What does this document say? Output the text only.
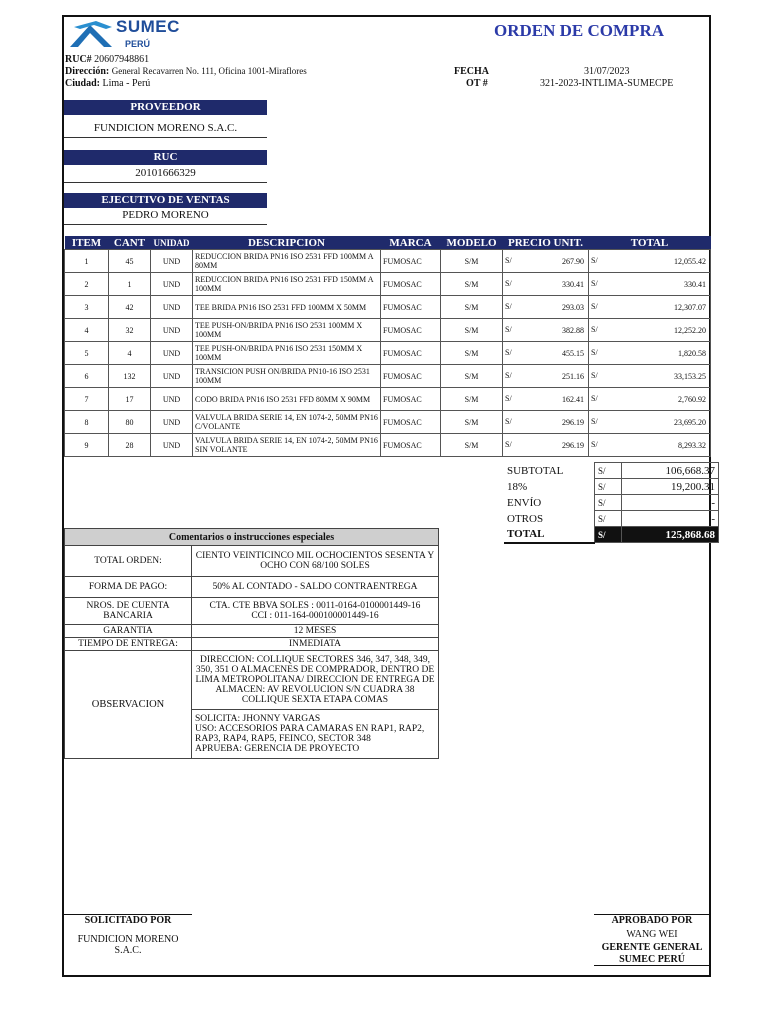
SUMEC
PERÚ
ORDEN DE COMPRA
RUC# 20607948861
Dirección: General Recavarren No. 111, Oficina 1001-Miraflores
Ciudad: Lima - Perú
FECHA
OT #
31/07/2023
321-2023-INTLIMA-SUMECPE
PROVEEDOR
FUNDICION MORENO S.A.C.
RUC
20101666329
EJECUTIVO DE VENTAS
PEDRO MORENO
ITEM	CANT	UNIDAD	DESCRIPCION	MARCA	MODELO	PRECIO UNIT.	TOTAL
1	45	UND	REDUCCION BRIDA PN16 ISO 2531 FFD 100MM A 80MM	FUMOSAC	S/M	S/ 267.90	S/ 12,055.42

2	1	UND	REDUCCION BRIDA PN16 ISO 2531 FFD 150MM A 100MM	FUMOSAC	S/M	S/ 330.41	S/ 330.41

3	42	UND	TEE BRIDA PN16 ISO 2531 FFD 100MM X 50MM	FUMOSAC	S/M	S/ 293.03	S/ 12,307.07

4	32	UND	TEE PUSH-ON/BRIDA PN16 ISO 2531 100MM X 100MM	FUMOSAC	S/M	S/ 382.88	S/ 12,252.20

5	4	UND	TEE PUSH-ON/BRIDA PN16 ISO 2531 150MM X 100MM	FUMOSAC	S/M	S/ 455.15	S/ 1,820.58

6	132	UND	TRANSICION PUSH ON/BRIDA PN10-16 ISO 2531 100MM	FUMOSAC	S/M	S/ 251.16	S/ 33,153.25

7	17	UND	CODO BRIDA PN16 ISO 2531 FFD 80MM X 90MM	FUMOSAC	S/M	S/ 162.41	S/ 2,760.92

8	80	UND	VALVULA BRIDA SERIE 14, EN 1074-2, 50MM PN16 C/VOLANTE	FUMOSAC	S/M	S/ 296.19	S/ 23,695.20

9	28	UND	VALVULA BRIDA SERIE 14, EN 1074-2, 50MM PN16 SIN VOLANTE	FUMOSAC	S/M	S/ 296.19	S/ 8,293.32
SUBTOTAL	S/	106,668.37
18%	S/	19,200.31
ENVÍO	S/	-
OTROS	S/	-
TOTAL	S/	125,868.68
Comentarios o instrucciones especiales	
TOTAL ORDEN:	CIENTO VEINTICINCO MIL OCHOCIENTOS SESENTA Y OCHO CON 68/100 SOLES
FORMA DE PAGO:	50% AL CONTADO - SALDO CONTRAENTREGA
NROS. DE CUENTA BANCARIA	CTA. CTE BBVA SOLES : 0011-0164-0100001449-16
CCI : 011-164-000100001449-16

GARANTIA	12 MESES
TIEMPO DE ENTREGA:	INMEDIATA
OBSERVACION	DIRECCION: COLLIQUE SECTORES 346, 347, 348, 349, 350, 351 O ALMACENES DE COMPRADOR, DENTRO DE LIMA METROPOLITANA/ DIRECCION DE ENTREGA DE ALMACEN: AV REVOLUCION S/N CUADRA 38 COLLIQUE SEXTA ETAPA COMAS

	SOLICITA: JHONNY VARGAS
USO: ACCESORIOS PARA CAMARAS EN RAP1, RAP2, RAP3, RAP4, RAP5, FEINCO, SECTOR 348
APRUEBA: GERENCIA DE PROYECTO
SOLICITADO POR
FUNDICION MORENO S.A.C.
APROBADO POR
WANG WEI
GERENTE GENERAL
SUMEC PERÚ
